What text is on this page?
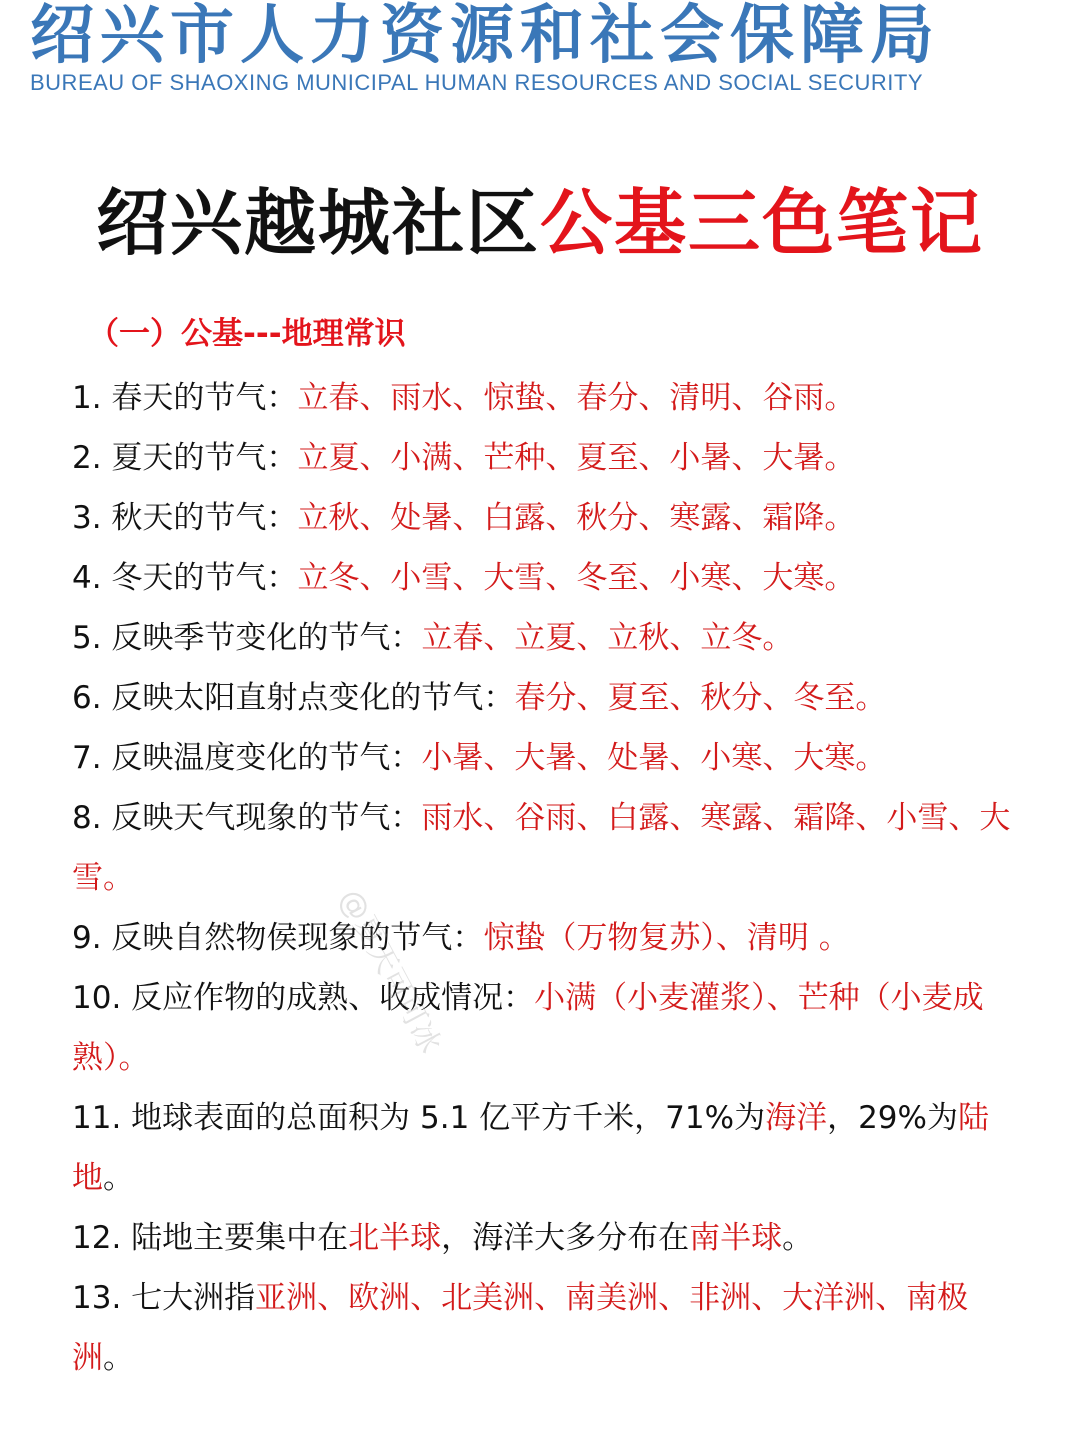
绍兴市人力资源和社会保障局
BUREAU OF SHAOXING MUNICIPAL HUMAN RESOURCES AND SOCIAL SECURITY
绍兴越城社区公基三色笔记
（一）公基---地理常识

1. 春天的节气：立春、雨水、惊蛰、春分、清明、谷雨。

2. 夏天的节气：立夏、小满、芒种、夏至、小暑、大暑。

3. 秋天的节气：立秋、处暑、白露、秋分、寒露、霜降。

4. 冬天的节气：立冬、小雪、大雪、冬至、小寒、大寒。

5. 反映季节变化的节气：立春、立夏、立秋、立冬。

6. 反映太阳直射点变化的节气：春分、夏至、秋分、冬至。

7. 反映温度变化的节气：小暑、大暑、处暑、小寒、大寒。

8. 反映天气现象的节气：雨水、谷雨、白露、寒露、霜降、小雪、大雪。

9. 反映自然物侯现象的节气：惊蛰（万物复苏）、清明 。

10. 反应作物的成熟、收成情况：小满（小麦灌浆）、芒种（小麦成熟）。

11. 地球表面的总面积为 5.1 亿平方千米，71%为海洋，29%为陆地。

12. 陆地主要集中在北半球，海洋大多分布在南半球。

13. 七大洲指亚洲、欧洲、北美洲、南美洲、非洲、大洋洲、南极洲。

@夏天可可冰
